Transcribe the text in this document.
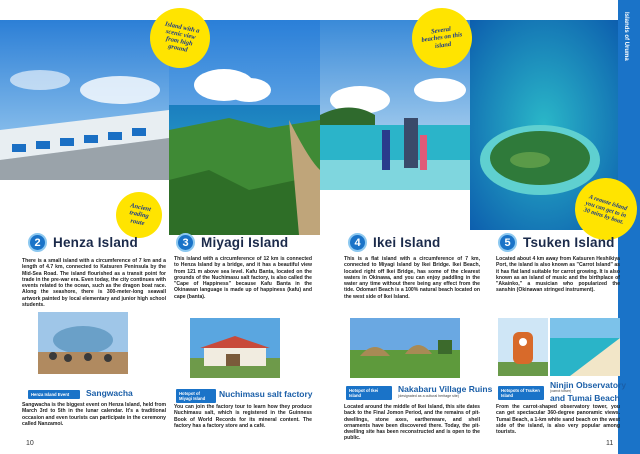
Islands of Uruma
Island with a scenic view from high ground
Ancient trading route
Several beaches on this island
A remote island you can get to in 30 mins by boat.
2 Henza Island

There is a small island with a circumference of 7 km and a length of 4.7 km, connected to Katsuren Peninsula by the Mid-Sea Road. The island flourished as a transit point for trade in the pre-war era. Even today, the city continues with events related to the ocean, such as the dragon boat race. Along the seashore, there is 300-meter-long seawall artwork painted by local elementary and junior high school students.

3 Miyagi Island

This island with a circumference of 12 km is connected to Henza Island by a bridge, and it has a beautiful view from 121 m above sea level. Kafu Banta, located on the grounds of the Nuchimasu salt factory, is also called the "Cape of Happiness" because Kafu Banta in the Okinawan language is made up of happiness (kafu) and cape (banta).

4 Ikei Island

This is a flat island with a circumference of 7 km, connected to Miyagi Island by Ikei Bridge. Ikei Beach, located right off Ikei Bridge, has some of the clearest waters in Okinawa, and you can enjoy paddling in the water any time without there being any effect from the tide. Odomari Beach is a 100% natural beach located on the west side of Ikei Island.

5 Tsuken Island

Located about 4 km away from Katsuren Heshikiya Port, the island is also known as "Carrot Island" as it has flat land suitable for carrot growing. It is also known as an island of music and the birthplace of "Akainko," a musician who popularized the sanshin (Okinawan stringed instrument).

Henza Island Event	Sangwacha

Sangwacha is the biggest event on Henza Island, held from March 3rd to 5th in the lunar calendar. It's a traditional occasion and even tourists can participate in the ceremony called Nanzamoi.

Hotspot of Miyagi Island	Nuchimasu salt factory

You can join the factory tour to learn how they produce Nuchimasu salt, which is registered in the Guinness Book of World Records for its mineral content. The factory has a factory store and a café.

Hotspot of Ikei Island
Nakabaru Village Ruins
(designated as a cultural heritage site)

Located around the middle of Ikei Island, this site dates back to the Final Jomon Period, and the remains of pit-dwellings, stone axes, earthenware, and shell ornaments have been discovered there. Today, the pit-dwelling site has been reconstructed and is open to the public.

Hotspots of Tsuken Island
Ninjin Observatory
(carrot tower)
and Tumai Beach

From the carrot-shaped observatory tower, you can get spectacular 360-degree panoramic views. Tumai Beach, a 1-km white sand beach on the west side of the island, is also very popular among tourists.

10	11
